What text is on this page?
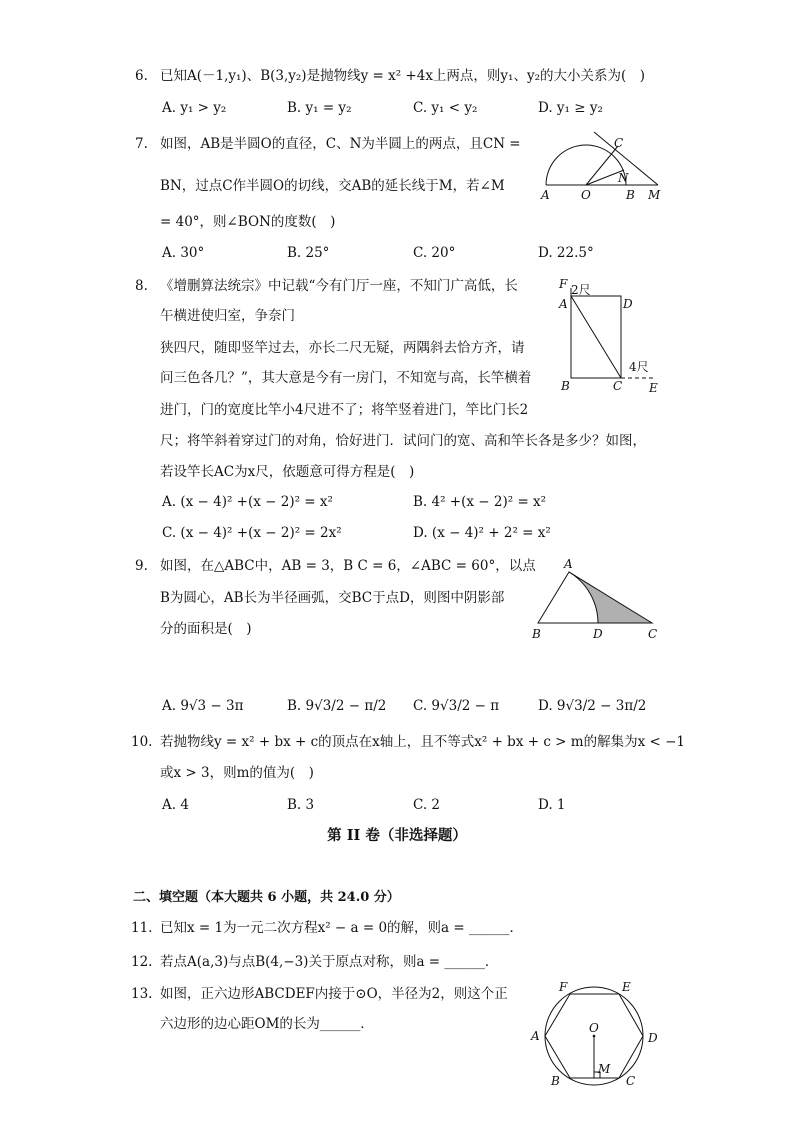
6. 已知A(－1,y₁)、B(3,y₂)是抛物线y = x² +4x上两点，则y₁、y₂的大小关系为(　)
A. y₁ > y₂	B. y₁ = y₂	C. y₁ < y₂	D. y₁ ≥ y₂
7. 如图，AB是半圆O的直径，C、N为半圆上的两点，且CN =
BN，过点C作半圆O的切线，交AB的延长线于M，若∠M
= 40°，则∠BON的度数(　)
A. 30°	B. 25°	C. 20°	D. 22.5°
A	O	B M
C
N
8. 《增删算法统宗》中记载“今有门厅一座，不知门广高低，长
午横进使归室，争奈门
狭四尺，随即竖竿过去，亦长二尺无疑，两隅斜去恰方齐，请
问三色各几？”，其大意是今有一房门，不知宽与高，长竿横着
进门，门的宽度比竿小4尺进不了；将竿竖着进门，竿比门长2
尺；将竿斜着穿过门的对角，恰好进门．试问门的宽、高和竿长各是多少？如图，
若设竿长AC为x尺，依题意可得方程是(　)
A. (x − 4)² +(x − 2)² = x²	B. 4² +(x − 2)² = x²
C. (x − 4)² +(x − 2)² = 2x²	D. (x − 4)² + 2² = x²
F 2尺
A	D
4尺
B	C E
9. 如图，在△ABC中，AB = 3，B C = 6，∠ABC = 60°，以点
B为圆心，AB长为半径画弧，交BC于点D，则图中阴影部
分的面积是(　)
A. 9√3 − 3π	B. 9√3/2 − π/2 C. 9√3/2 − π	D. 9√3/2 − 3π/2
A
B	D	C
10. 若抛物线y = x² + bx + c的顶点在x轴上，且不等式x² + bx + c > m的解集为x < −1
或x > 3，则m的值为(　)
A. 4	B. 3	C. 2	D. 1
第 II 卷（非选择题）
二、填空题（本大题共 6 小题，共 24.0 分）
11. 已知x = 1为一元二次方程x² − a = 0的解，则a = ______．
12. 若点A(a,3)与点B(4,−3)关于原点对称，则a = ______．
13. 如图，正六边形ABCDEF内接于⊙O，半径为2，则这个正
六边形的边心距OM的长为______．
F	E
A
O
D
B
M
C
